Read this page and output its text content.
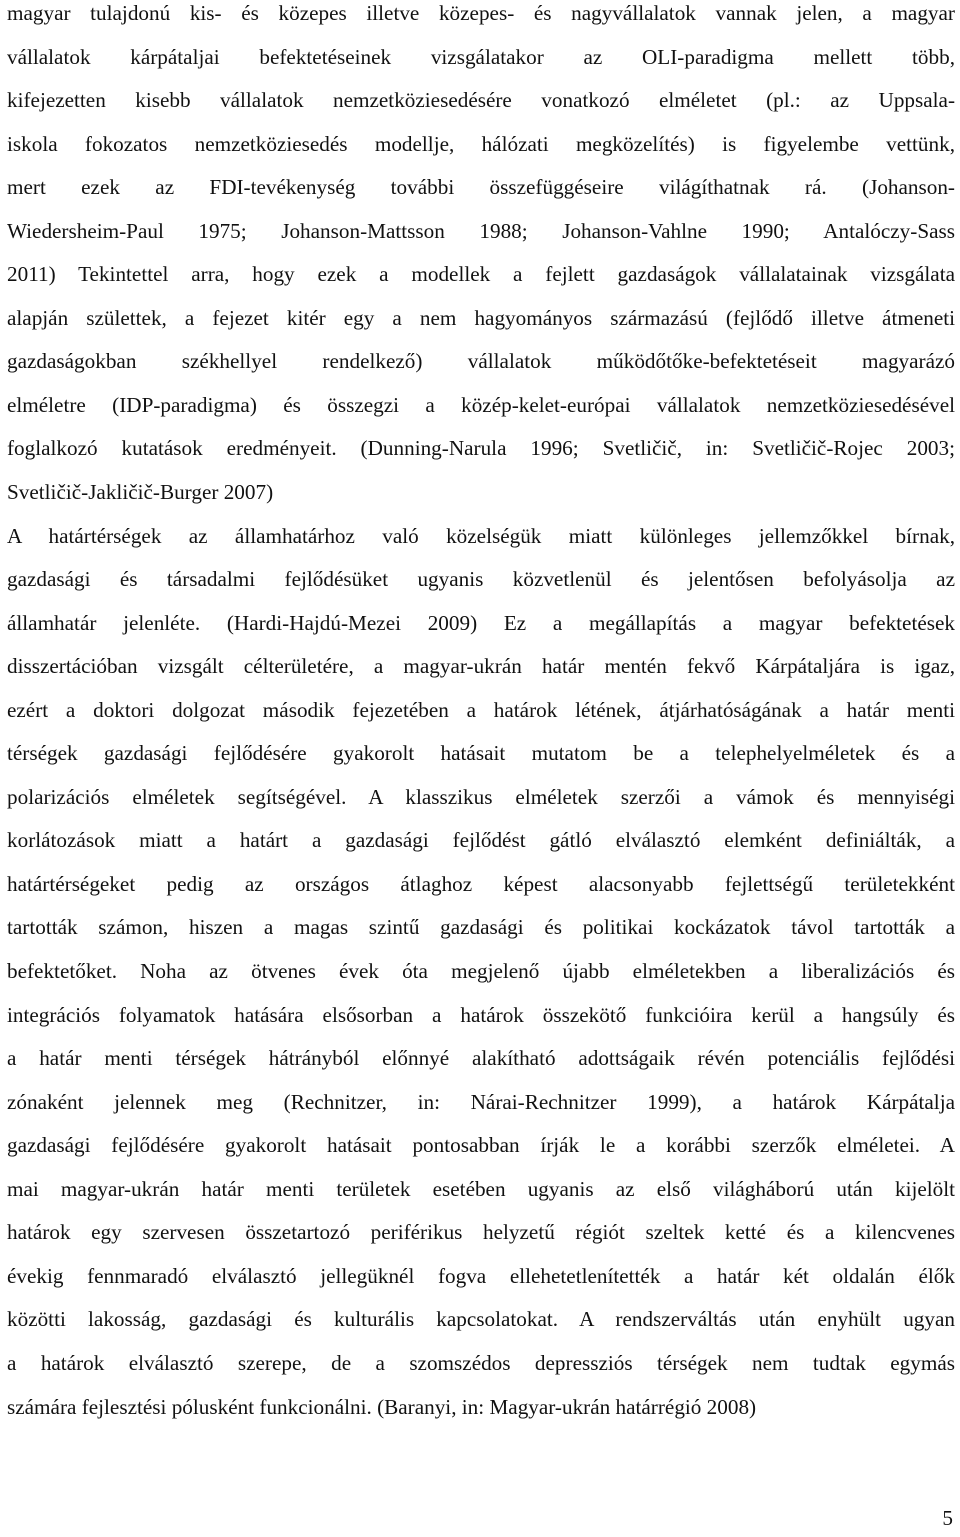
magyar tulajdonú kis- és közepes illetve közepes- és nagyvállalatok vannak jelen, a magyar
vállalatok kárpátaljai befektetéseinek vizsgálatakor az OLI-paradigma mellett több,
kifejezetten kisebb vállalatok nemzetköziesedésére vonatkozó elméletet (pl.: az Uppsala-
iskola fokozatos nemzetköziesedés modellje, hálózati megközelítés) is figyelembe vettünk,
mert ezek az FDI-tevékenység további összefüggéseire világíthatnak rá. (Johanson-
Wiedersheim-Paul 1975; Johanson-Mattsson 1988; Johanson-Vahlne 1990; Antalóczy-Sass
2011) Tekintettel arra, hogy ezek a modellek a fejlett gazdaságok vállalatainak vizsgálata
alapján születtek, a fejezet kitér egy a nem hagyományos származású (fejlődő illetve átmeneti
gazdaságokban székhellyel rendelkező) vállalatok működőtőke-befektetéseit magyarázó
elméletre (IDP-paradigma) és összegzi a közép-kelet-európai vállalatok nemzetköziesedésével
foglalkozó kutatások eredményeit. (Dunning-Narula 1996; Svetličič, in: Svetličič-Rojec 2003;
Svetličič-Jakličič-Burger 2007)
A határtérségek az államhatárhoz való közelségük miatt különleges jellemzőkkel bírnak,
gazdasági és társadalmi fejlődésüket ugyanis közvetlenül és jelentősen befolyásolja az
államhatár jelenléte. (Hardi-Hajdú-Mezei 2009) Ez a megállapítás a magyar befektetések
disszertációban vizsgált célterületére, a magyar-ukrán határ mentén fekvő Kárpátaljára is igaz,
ezért a doktori dolgozat második fejezetében a határok létének, átjárhatóságának a határ menti
térségek gazdasági fejlődésére gyakorolt hatásait mutatom be a telephelyelméletek és a
polarizációs elméletek segítségével. A klasszikus elméletek szerzői a vámok és mennyiségi
korlátozások miatt a határt a gazdasági fejlődést gátló elválasztó elemként definiálták, a
határtérségeket pedig az országos átlaghoz képest alacsonyabb fejlettségű területekként
tartották számon, hiszen a magas szintű gazdasági és politikai kockázatok távol tartották a
befektetőket. Noha az ötvenes évek óta megjelenő újabb elméletekben a liberalizációs és
integrációs folyamatok hatására elsősorban a határok összekötő funkcióira kerül a hangsúly és
a határ menti térségek hátrányból előnnyé alakítható adottságaik révén potenciális fejlődési
zónaként jelennek meg (Rechnitzer, in: Nárai-Rechnitzer 1999), a határok Kárpátalja
gazdasági fejlődésére gyakorolt hatásait pontosabban írják le a korábbi szerzők elméletei. A
mai magyar-ukrán határ menti területek esetében ugyanis az első világháború után kijelölt
határok egy szervesen összetartozó periférikus helyzetű régiót szeltek ketté és a kilencvenes
évekig fennmaradó elválasztó jellegüknél fogva ellehetetlenítették a határ két oldalán élők
közötti lakosság, gazdasági és kulturális kapcsolatokat. A rendszerváltás után enyhült ugyan
a határok elválasztó szerepe, de a szomszédos depressziós térségek nem tudtak egymás
számára fejlesztési pólusként funkcionálni. (Baranyi, in: Magyar-ukrán határrégió 2008)
5
